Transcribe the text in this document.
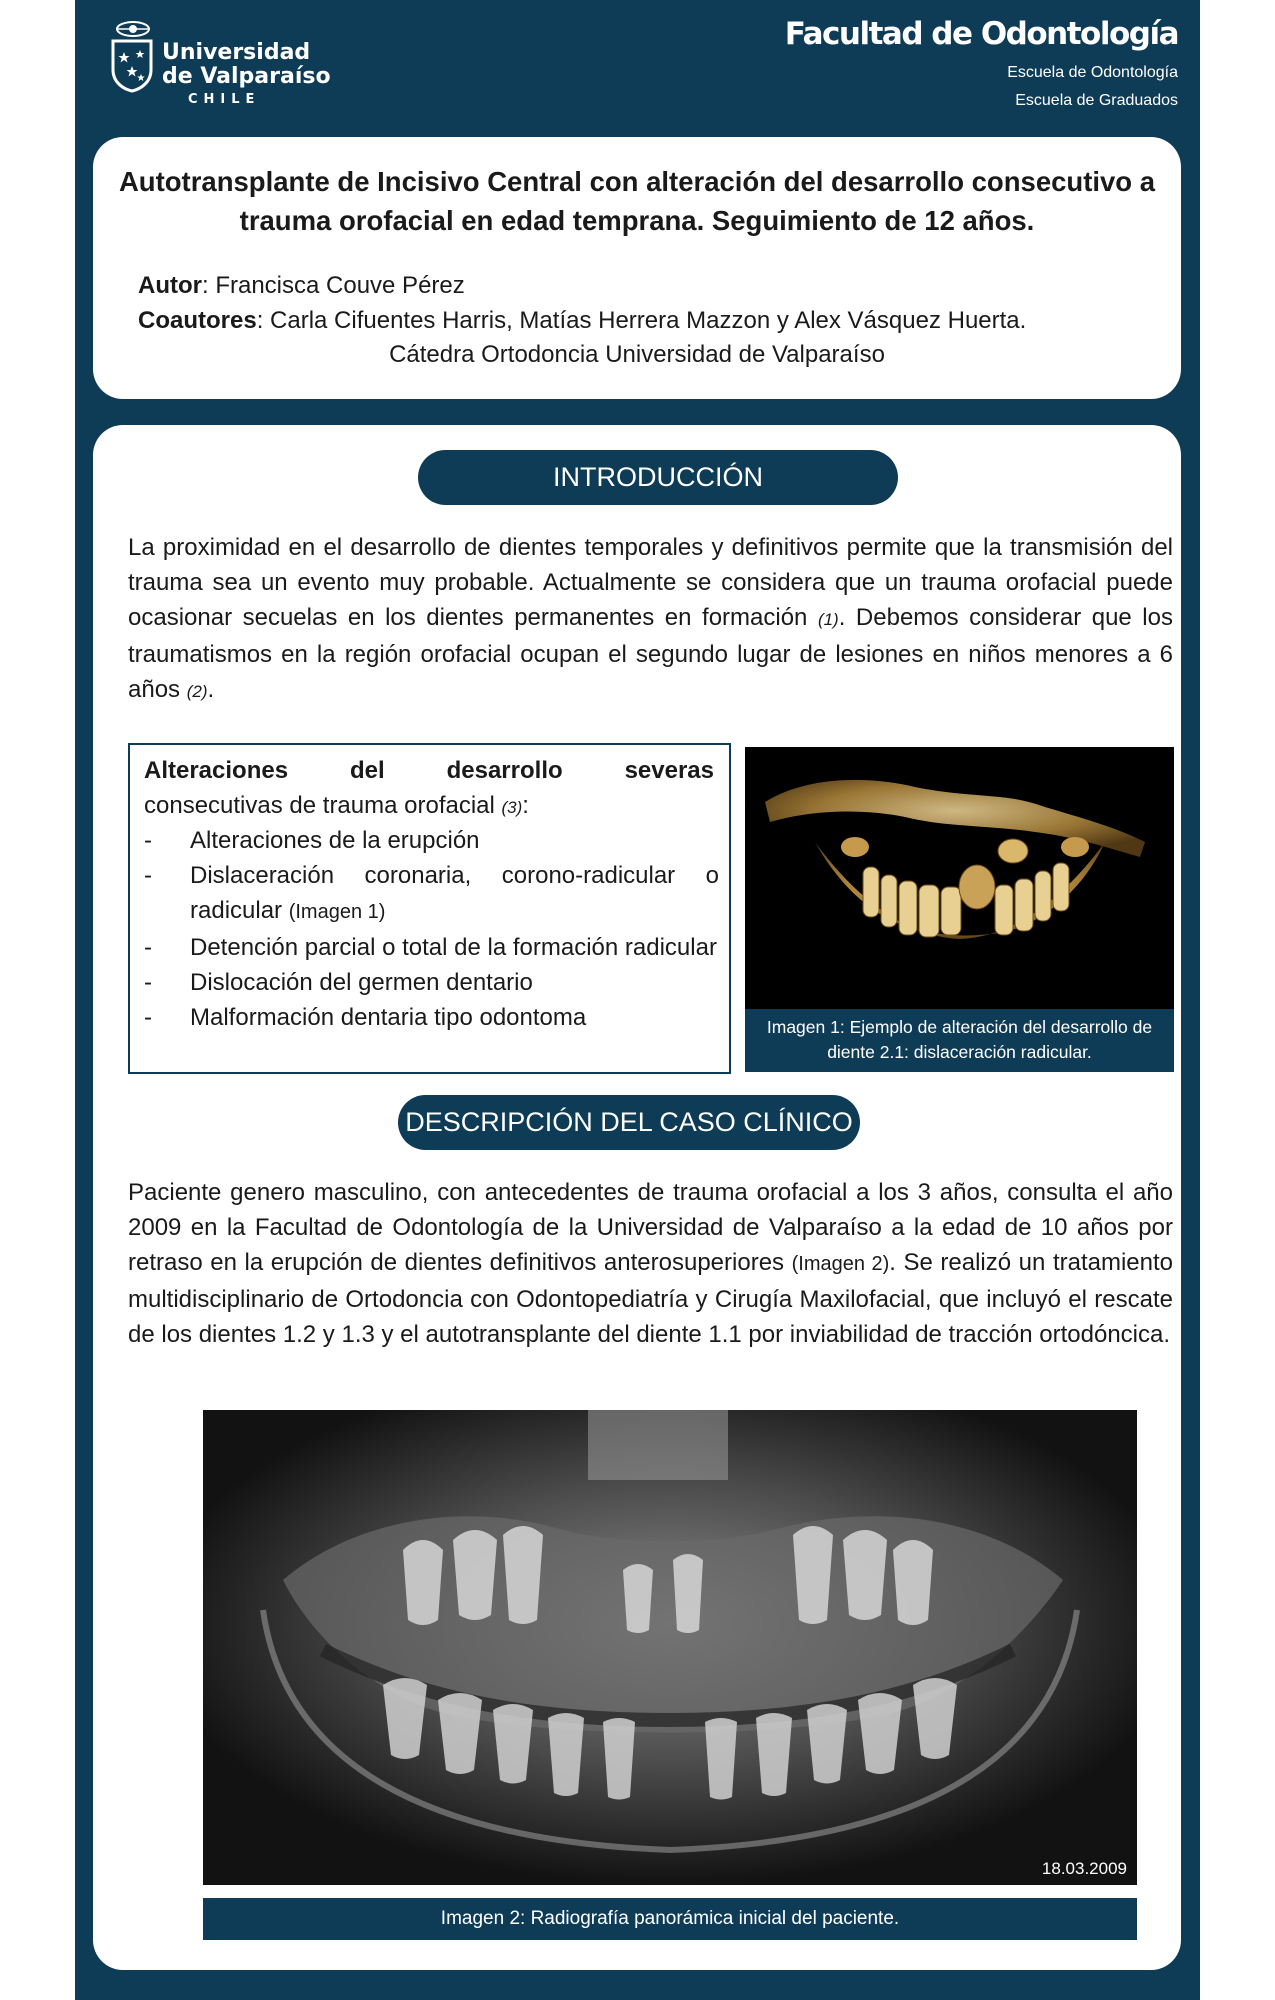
Universidad
de Valparaíso
CHILE
Facultad de Odontología
Escuela de Odontología
Escuela de Graduados
Autotransplante de Incisivo Central con alteración del desarrollo consecutivo a trauma orofacial en edad temprana. Seguimiento de 12 años.
Autor: Francisca Couve Pérez
Coautores: Carla Cifuentes Harris, Matías Herrera Mazzon y Alex Vásquez Huerta.
Cátedra Ortodoncia Universidad de Valparaíso
INTRODUCCIÓN
La proximidad en el desarrollo de dientes temporales y definitivos permite que la transmisión del trauma sea un evento muy probable. Actualmente se considera que un trauma orofacial puede ocasionar secuelas en los dientes permanentes en formación (1). Debemos considerar que los traumatismos en la región orofacial ocupan el segundo lugar de lesiones en niños menores a 6 años (2).
Alteraciones del desarrollo severas
consecutivas de trauma orofacial (3):
- Alteraciones de la erupción
- Dislaceración coronaria, corono-radicular o radicular (Imagen 1)
- Detención parcial o total de la formación radicular
- Dislocación del germen dentario
- Malformación dentaria tipo odontoma	Imagen 1: Ejemplo de alteración del desarrollo de diente 2.1: dislaceración radicular.
DESCRIPCIÓN DEL CASO CLÍNICO
Paciente genero masculino, con antecedentes de trauma orofacial a los 3 años, consulta el año 2009 en la Facultad de Odontología de la Universidad de Valparaíso a la edad de 10 años por retraso en la erupción de dientes definitivos anterosuperiores (Imagen 2). Se realizó un tratamiento multidisciplinario de Ortodoncia con Odontopediatría y Cirugía Maxilofacial, que incluyó el rescate de los dientes 1.2 y 1.3 y el autotransplante del diente 1.1 por inviabilidad de tracción ortodóncica.
18.03.2009
Imagen 2: Radiografía panorámica inicial del paciente.
